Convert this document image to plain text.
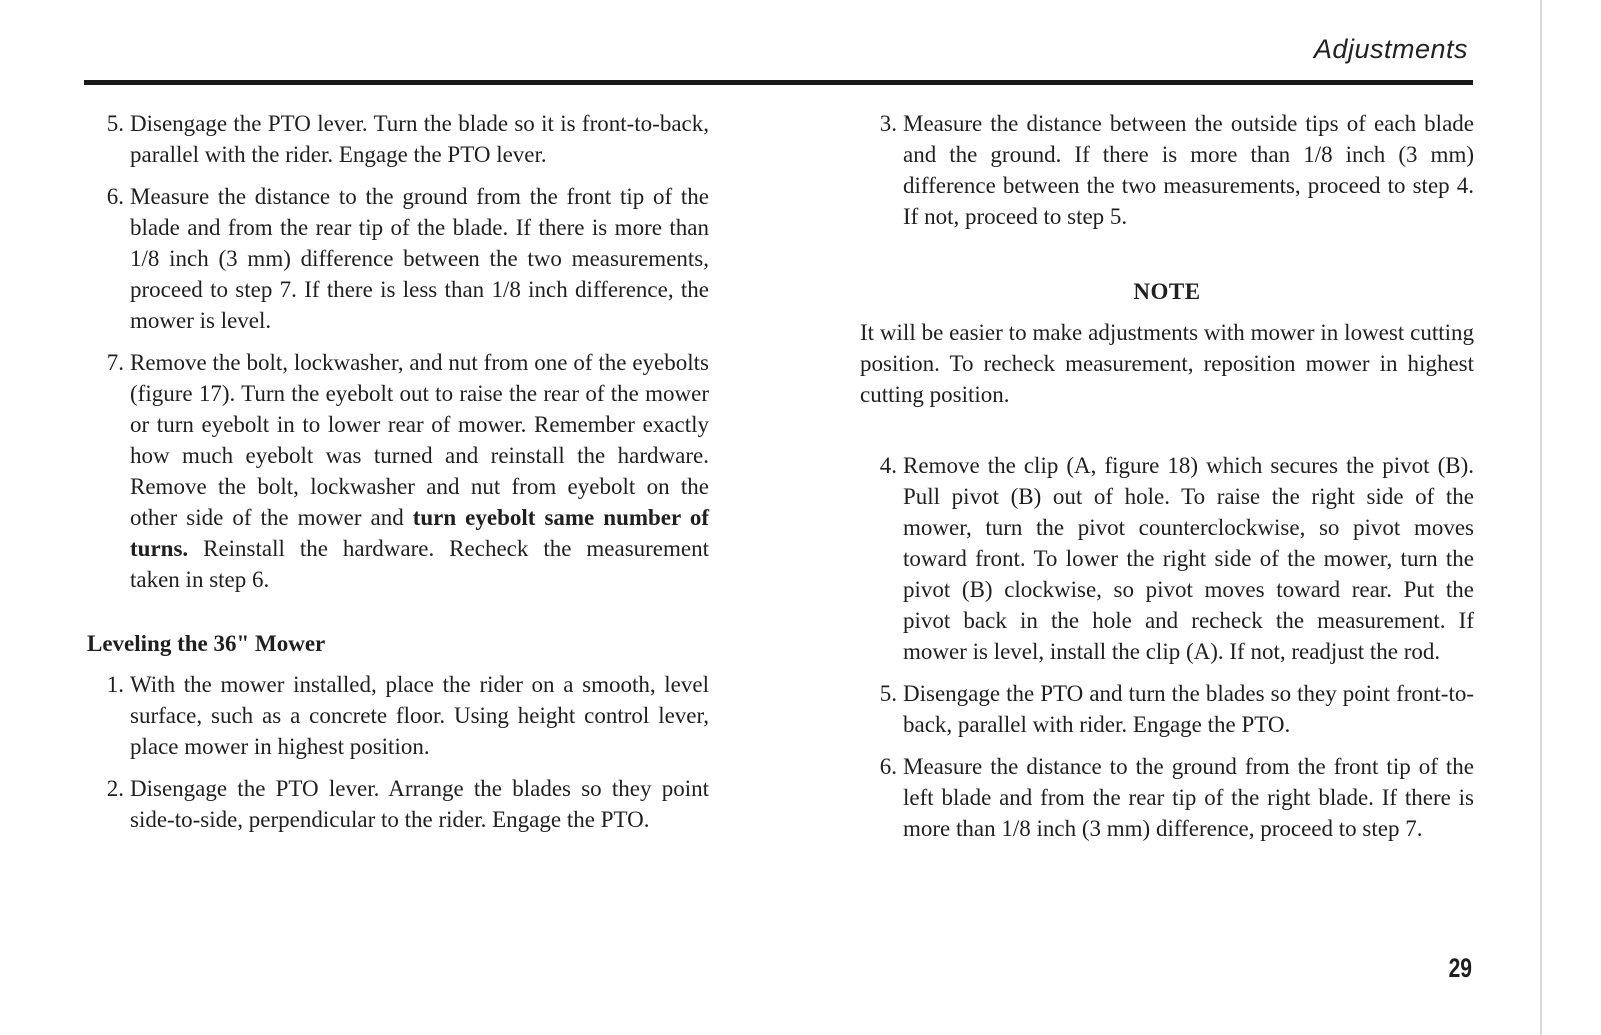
Adjustments
5. Disengage the PTO lever. Turn the blade so it is front-to-back, parallel with the rider. Engage the PTO lever.
6. Measure the distance to the ground from the front tip of the blade and from the rear tip of the blade. If there is more than 1/8 inch (3 mm) difference between the two measurements, proceed to step 7. If there is less than 1/8 inch difference, the mower is level.
7. Remove the bolt, lockwasher, and nut from one of the eyebolts (figure 17). Turn the eyebolt out to raise the rear of the mower or turn eyebolt in to lower rear of mower. Remember exactly how much eyebolt was turned and reinstall the hardware. Remove the bolt, lockwasher and nut from eyebolt on the other side of the mower and turn eyebolt same number of turns. Reinstall the hardware. Recheck the measurement taken in step 6.
Leveling the 36" Mower
1. With the mower installed, place the rider on a smooth, level surface, such as a concrete floor. Using height control lever, place mower in highest position.
2. Disengage the PTO lever. Arrange the blades so they point side-to-side, perpendicular to the rider. Engage the PTO.
3. Measure the distance between the outside tips of each blade and the ground. If there is more than 1/8 inch (3 mm) difference between the two measurements, proceed to step 4. If not, proceed to step 5.
NOTE
It will be easier to make adjustments with mower in lowest cutting position. To recheck measurement, reposition mower in highest cutting position.
4. Remove the clip (A, figure 18) which secures the pivot (B). Pull pivot (B) out of hole. To raise the right side of the mower, turn the pivot counterclockwise, so pivot moves toward front. To lower the right side of the mower, turn the pivot (B) clockwise, so pivot moves toward rear. Put the pivot back in the hole and recheck the measurement. If mower is level, install the clip (A). If not, readjust the rod.
5. Disengage the PTO and turn the blades so they point front-to-back, parallel with rider. Engage the PTO.
6. Measure the distance to the ground from the front tip of the left blade and from the rear tip of the right blade. If there is more than 1/8 inch (3 mm) difference, proceed to step 7.
29
